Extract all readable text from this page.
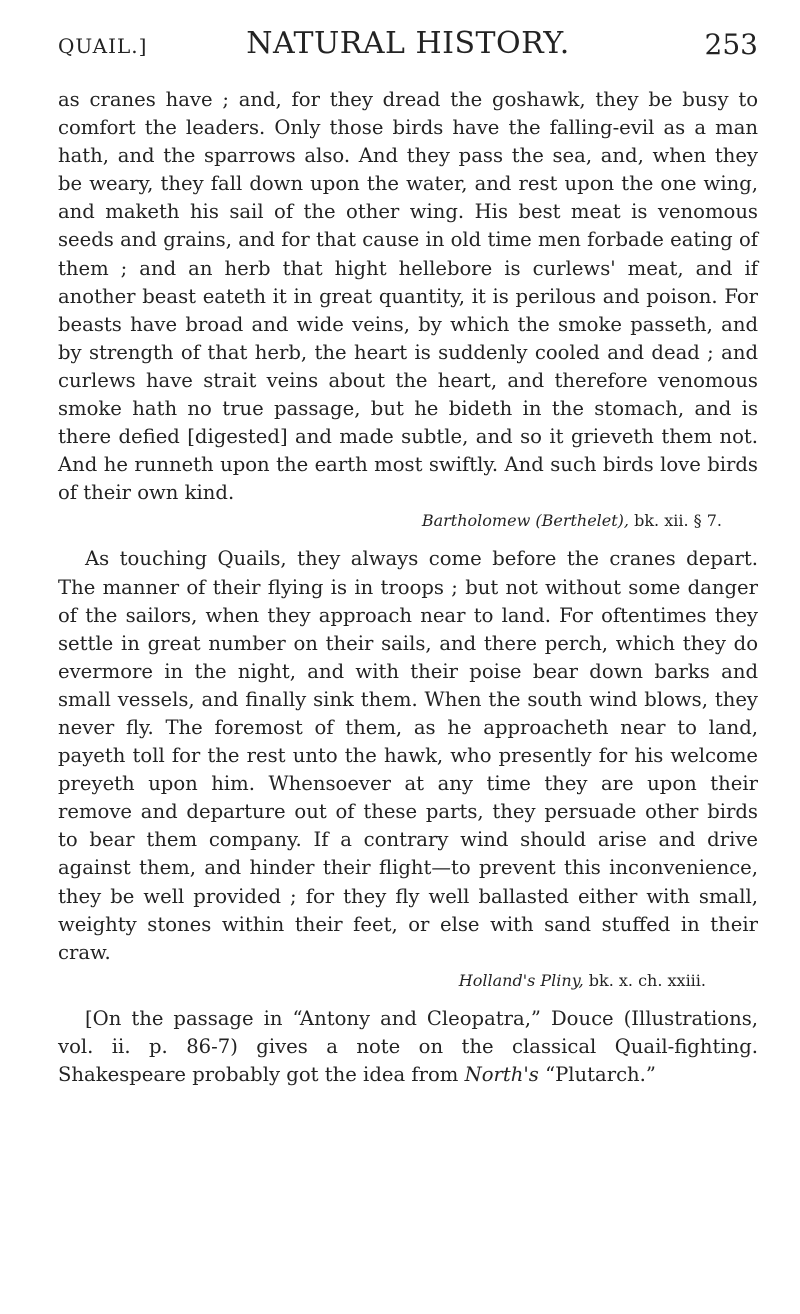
QUAIL.]	NATURAL HISTORY.	253

as cranes have ; and, for they dread the goshawk, they be busy to comfort the leaders. Only those birds have the falling-evil as a man hath, and the sparrows also. And they pass the sea, and, when they be weary, they fall down upon the water, and rest upon the one wing, and maketh his sail of the other wing. His best meat is venomous seeds and grains, and for that cause in old time men forbade eating of them ; and an herb that hight hellebore is curlews' meat, and if another beast eateth it in great quantity, it is perilous and poison. For beasts have broad and wide veins, by which the smoke passeth, and by strength of that herb, the heart is suddenly cooled and dead ; and curlews have strait veins about the heart, and therefore venomous smoke hath no true passage, but he bideth in the stomach, and is there defied [digested] and made subtle, and so it grieveth them not. And he runneth upon the earth most swiftly. And such birds love birds of their own kind.

Bartholomew (Berthelet), bk. xii. § 7.

As touching Quails, they always come before the cranes depart. The manner of their flying is in troops ; but not without some danger of the sailors, when they approach near to land. For oftentimes they settle in great number on their sails, and there perch, which they do evermore in the night, and with their poise bear down barks and small vessels, and finally sink them. When the south wind blows, they never fly. The foremost of them, as he approacheth near to land, payeth toll for the rest unto the hawk, who presently for his welcome preyeth upon him. Whensoever at any time they are upon their remove and departure out of these parts, they persuade other birds to bear them company. If a contrary wind should arise and drive against them, and hinder their flight—to prevent this inconvenience, they be well provided ; for they fly well ballasted either with small, weighty stones within their feet, or else with sand stuffed in their craw.

Holland's Pliny, bk. x. ch. xxiii.

[On the passage in “Antony and Cleopatra,” Douce (Illustrations, vol. ii. p. 86-7) gives a note on the classical Quail-fighting. Shakespeare probably got the idea from North's “Plutarch.”
